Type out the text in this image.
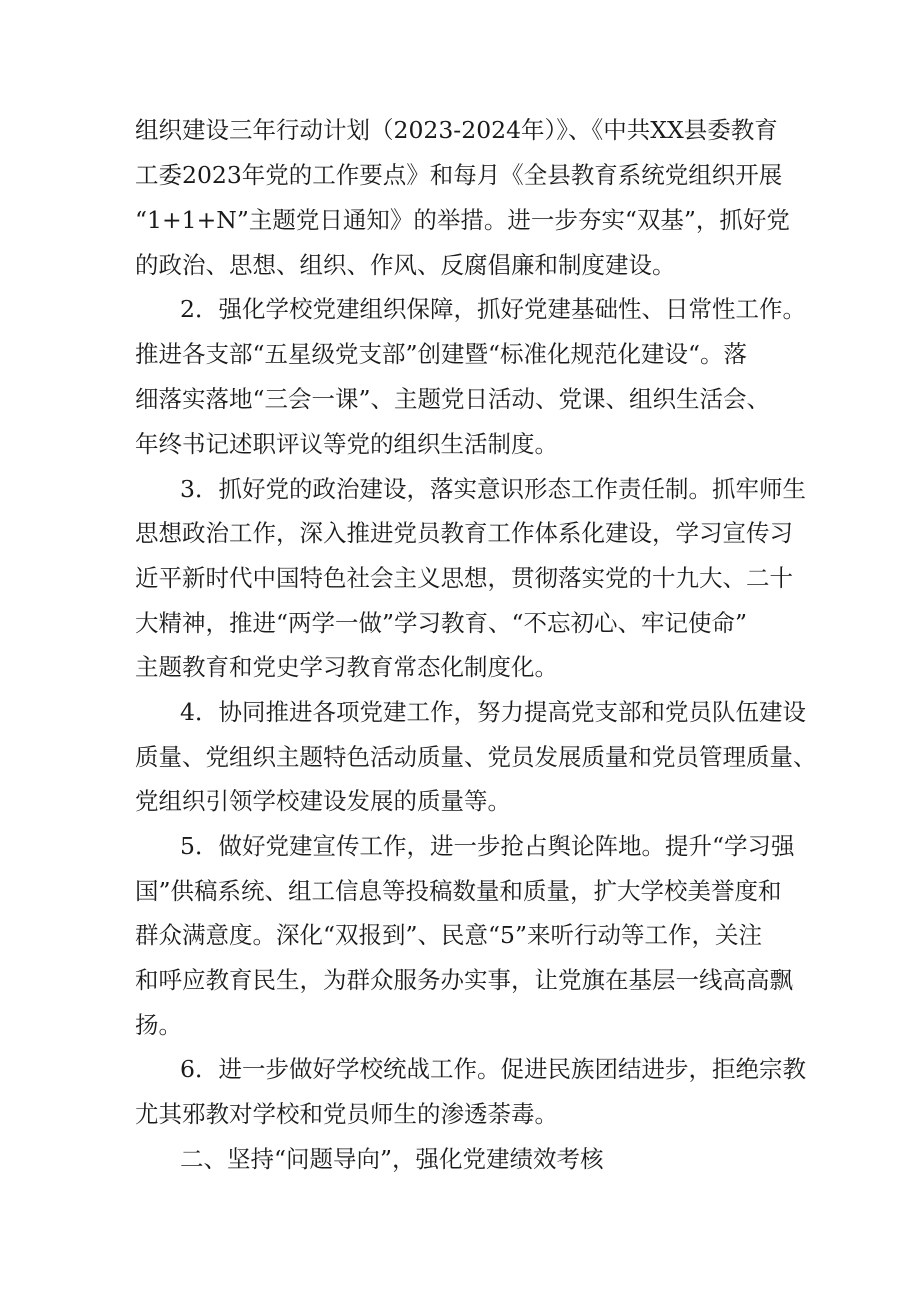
组织建设三年行动计划（2023-2024年）》、《中共XX县委教育

工委2023年党的工作要点》和每月《全县教育系统党组织开展

“1+1+N”主题党日通知》的举措。进一步夯实“双基”，抓好党

的政治、思想、组织、作风、反腐倡廉和制度建设。

2．强化学校党建组织保障，抓好党建基础性、日常性工作。

推进各支部“五星级党支部”创建暨“标准化规范化建设“。落

细落实落地“三会一课”、主题党日活动、党课、组织生活会、

年终书记述职评议等党的组织生活制度。

3．抓好党的政治建设，落实意识形态工作责任制。抓牢师生

思想政治工作，深入推进党员教育工作体系化建设，学习宣传习

近平新时代中国特色社会主义思想，贯彻落实党的十九大、二十

大精神，推进“两学一做”学习教育、“不忘初心、牢记使命”

主题教育和党史学习教育常态化制度化。

4．协同推进各项党建工作，努力提高党支部和党员队伍建设

质量、党组织主题特色活动质量、党员发展质量和党员管理质量、

党组织引领学校建设发展的质量等。

5．做好党建宣传工作，进一步抢占舆论阵地。提升“学习强

国”供稿系统、组工信息等投稿数量和质量，扩大学校美誉度和

群众满意度。深化“双报到”、民意“5”来听行动等工作，关注

和呼应教育民生，为群众服务办实事，让党旗在基层一线高高飘

扬。

6．进一步做好学校统战工作。促进民族团结进步，拒绝宗教

尤其邪教对学校和党员师生的渗透荼毒。

二、坚持“问题导向”，强化党建绩效考核
